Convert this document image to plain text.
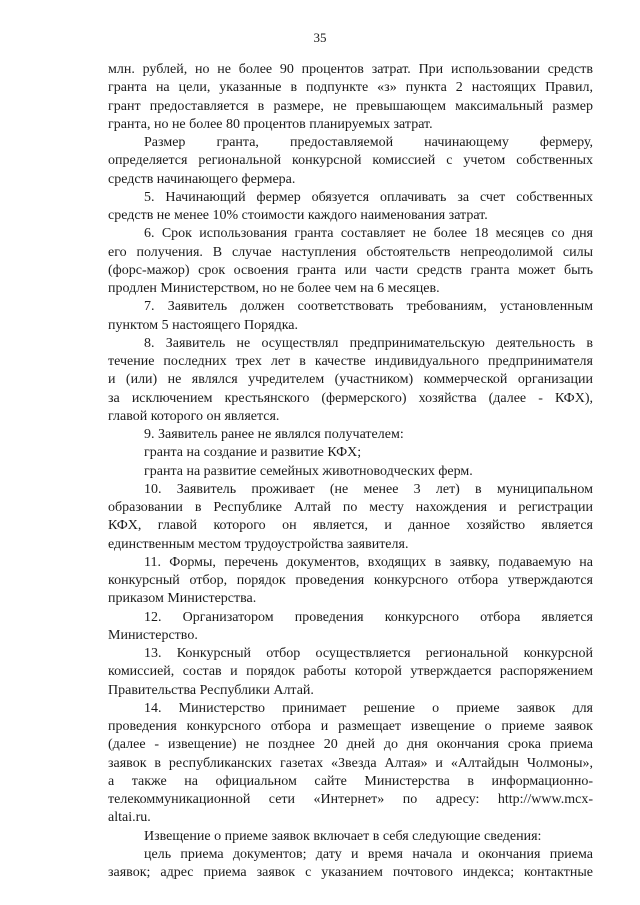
35

млн. рублей, но не более 90 процентов затрат. При использовании средств

гранта на цели, указанные в подпункте «з» пункта 2 настоящих Правил,

грант предоставляется в размере, не превышающем максимальный размер

гранта, но не более 80 процентов планируемых затрат.

Размер гранта, предоставляемой начинающему фермеру,

определяется региональной конкурсной комиссией с учетом собственных

средств начинающего фермера.

5. Начинающий фермер обязуется оплачивать за счет собственных

средств не менее 10% стоимости каждого наименования затрат.

6. Срок использования гранта составляет не более 18 месяцев со дня

его получения. В случае наступления обстоятельств непреодолимой силы

(форс-мажор) срок освоения гранта или части средств гранта может быть

продлен Министерством, но не более чем на 6 месяцев.

7. Заявитель должен соответствовать требованиям, установленным

пунктом 5 настоящего Порядка.

8. Заявитель не осуществлял предпринимательскую деятельность в

течение последних трех лет в качестве индивидуального предпринимателя

и (или) не являлся учредителем (участником) коммерческой организации

за исключением крестьянского (фермерского) хозяйства (далее - КФХ),

главой которого он является.

9. Заявитель ранее не являлся получателем:

гранта на создание и развитие КФХ;

гранта на развитие семейных животноводческих ферм.

10. Заявитель проживает (не менее 3 лет) в муниципальном

образовании в Республике Алтай по месту нахождения и регистрации

КФХ, главой которого он является, и данное хозяйство является

единственным местом трудоустройства заявителя.

11. Формы, перечень документов, входящих в заявку, подаваемую на

конкурсный отбор, порядок проведения конкурсного отбора утверждаются

приказом Министерства.

12. Организатором проведения конкурсного отбора является

Министерство.

13. Конкурсный отбор осуществляется региональной конкурсной

комиссией, состав и порядок работы которой утверждается распоряжением

Правительства Республики Алтай.

14. Министерство принимает решение о приеме заявок для

проведения конкурсного отбора и размещает извещение о приеме заявок

(далее - извещение) не позднее 20 дней до дня окончания срока приема

заявок в республиканских газетах «Звезда Алтая» и «Алтайдын Чолмоны»,

а также на официальном сайте Министерства в информационно-

телекоммуникационной сети «Интернет» по адресу: http://www.mcx-

altai.ru.

Извещение о приеме заявок включает в себя следующие сведения:

цель приема документов; дату и время начала и окончания приема

заявок; адрес приема заявок с указанием почтового индекса; контактные
